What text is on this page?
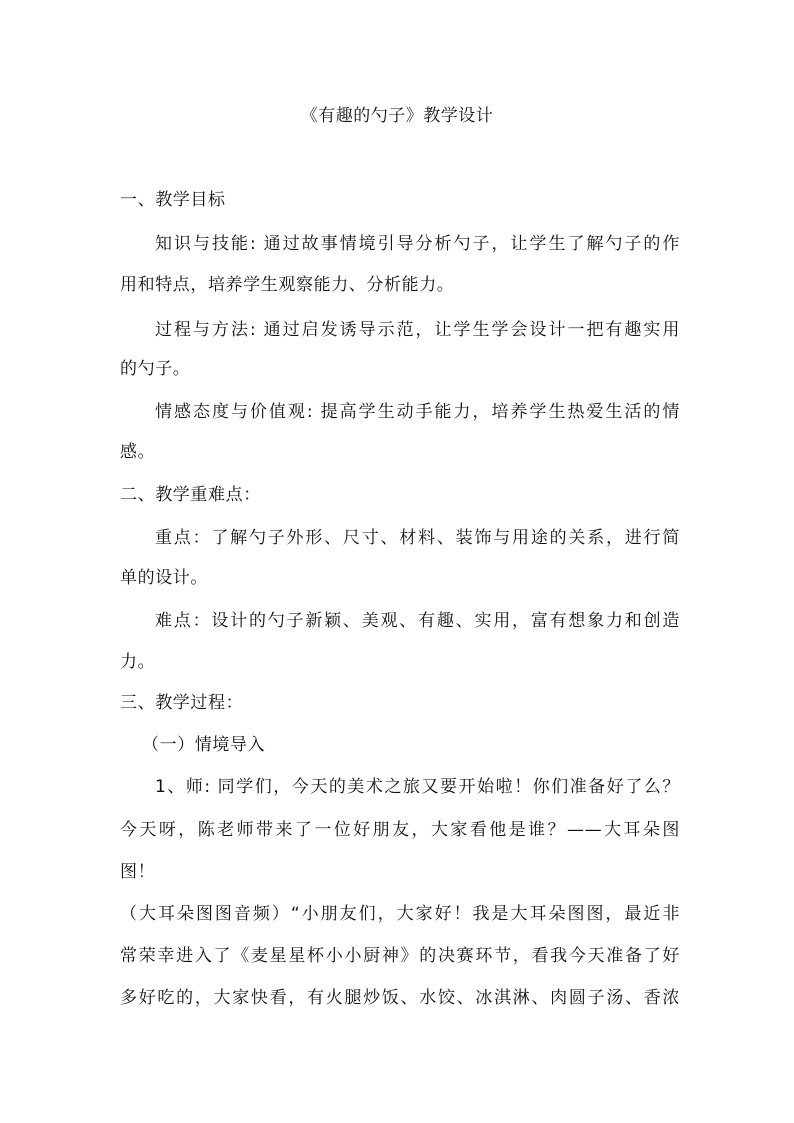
《有趣的勺子》教学设计
一、教学目标
知识与技能: 通过故事情境引导分析勺子，让学生了解勺子的作
用和特点，培养学生观察能力、分析能力。
过程与方法: 通过启发诱导示范，让学生学会设计一把有趣实用
的勺子。
情感态度与价值观: 提高学生动手能力，培养学生热爱生活的情
感。
二、教学重难点：
重点：了解勺子外形、尺寸、材料、装饰与用途的关系，进行简
单的设计。
难点：设计的勺子新颖、美观、有趣、实用，富有想象力和创造
力。
三、教学过程：
（一）情境导入
1、师: 同学们，今天的美术之旅又要开始啦！你们准备好了么？
今天呀，陈老师带来了一位好朋友，大家看他是谁？——大耳朵图
图！
（大耳朵图图音频）“小朋友们，大家好！我是大耳朵图图，最近非
常荣幸进入了《麦星星杯小小厨神》的决赛环节，看我今天准备了好
多好吃的，大家快看，有火腿炒饭、水饺、冰淇淋、肉圆子汤、香浓
